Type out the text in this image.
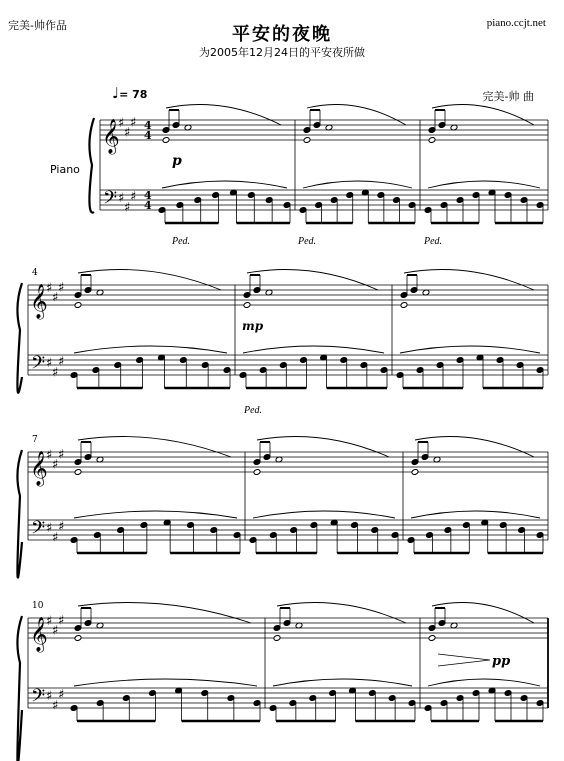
完美-帅作品	piano.ccjt.net
平安的夜晚
为2005年12月24日的平安夜所做
完美-帅 曲
♩= 78
Piano
𝄞
♯
♯
♯ 4
4
𝄢 ♯
♯
♯ 4
4
𝄞
♯
♯
♯
𝄢 ♯
♯
♯
4
𝄞
♯
♯
♯
𝄢 ♯
♯
♯
7
𝄞
♯
♯
♯
𝄢 ♯
♯
♯
10
p
mp
pp
Ped.	Ped.	Ped.
Ped.
